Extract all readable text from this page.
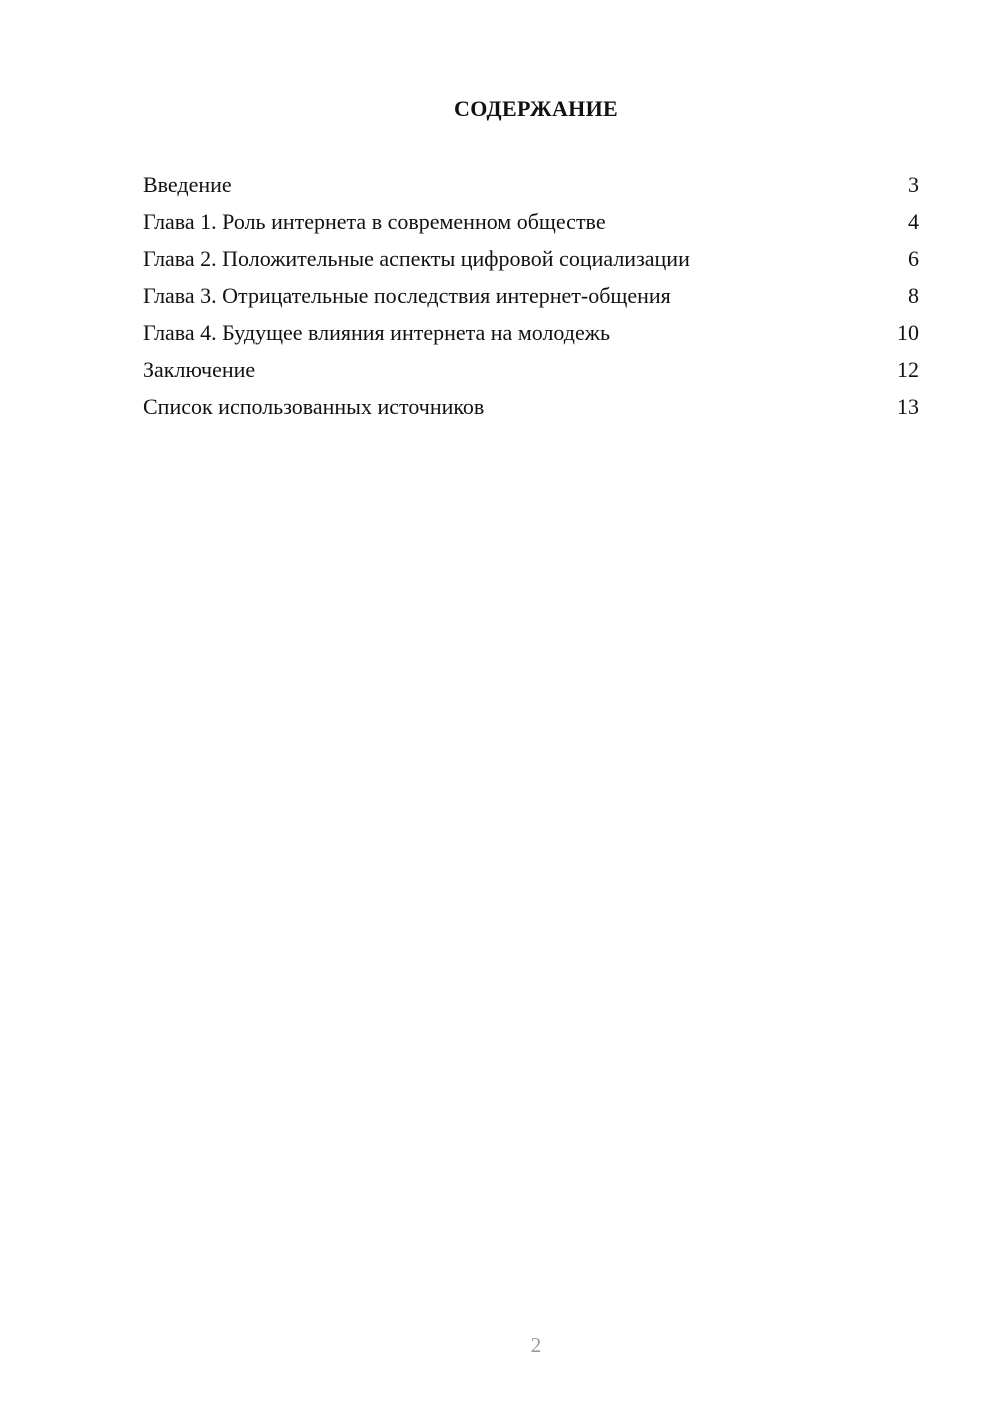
СОДЕРЖАНИЕ
Введение	3
Глава 1. Роль интернета в современном обществе	4
Глава 2. Положительные аспекты цифровой социализации	6
Глава 3. Отрицательные последствия интернет-общения	8
Глава 4. Будущее влияния интернета на молодежь	10
Заключение	12
Список использованных источников	13
2
